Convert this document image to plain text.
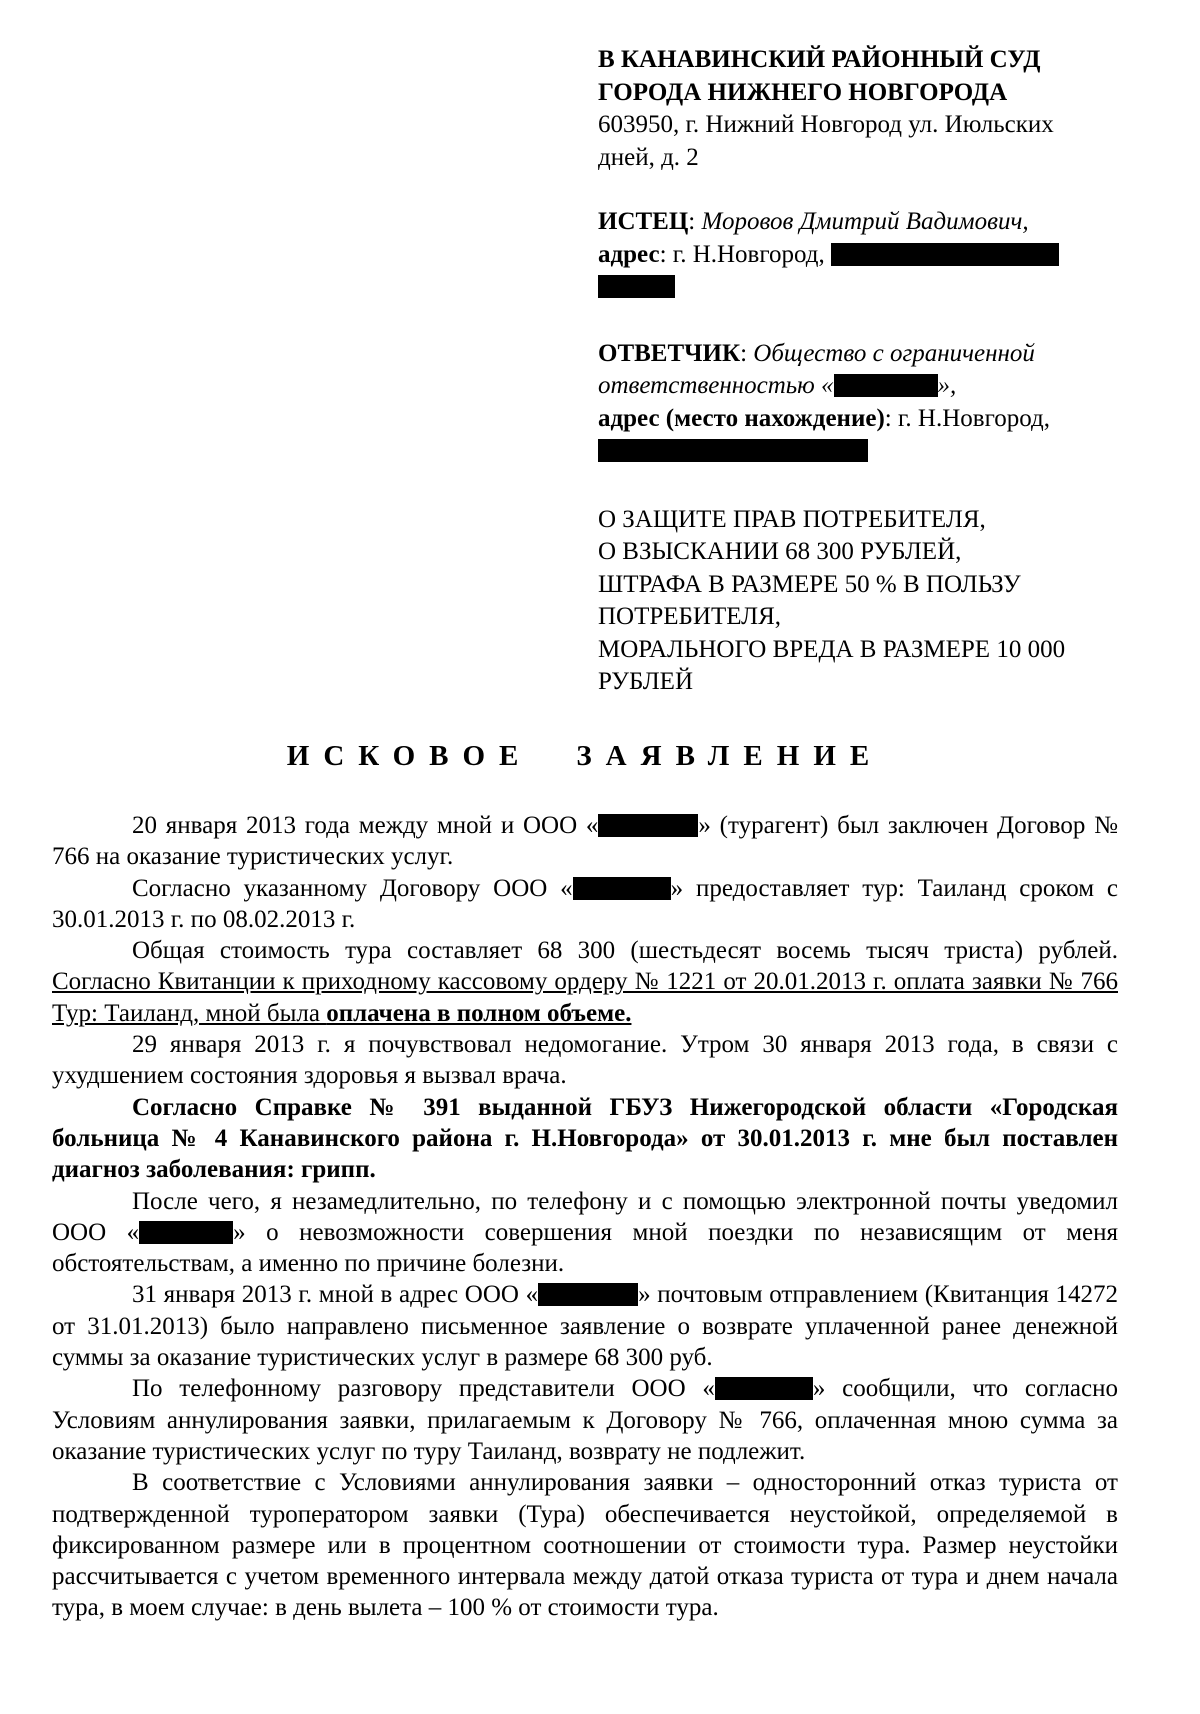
В КАНАВИНСКИЙ РАЙОННЫЙ СУД

ГОРОДА НИЖНЕГО НОВГОРОДА

603950, г. Нижний Новгород ул. Июльских

дней, д. 2

ИСТЕЦ: Моровов Дмитрий Вадимович,

адрес: г. Н.Новгород,

ОТВЕТЧИК: Общество с ограниченной

ответственностью «	»,

адрес (место нахождение): г. Н.Новгород,

О ЗАЩИТЕ ПРАВ ПОТРЕБИТЕЛЯ,

О ВЗЫСКАНИИ 68 300 РУБЛЕЙ,

ШТРАФА В РАЗМЕРЕ 50 % В ПОЛЬЗУ

ПОТРЕБИТЕЛЯ,

МОРАЛЬНОГО ВРЕДА В РАЗМЕРЕ 10 000

РУБЛЕЙ

ИСКОВОЕ ЗАЯВЛЕНИЕ

20 января 2013 года между мной и ООО «	» (турагент) был заключен Договор № 766 на оказание туристических услуг.

Согласно указанному Договору ООО «	» предоставляет тур: Таиланд сроком с 30.01.2013 г. по 08.02.2013 г.

Общая стоимость тура составляет 68 300 (шестьдесят восемь тысяч триста) рублей. Согласно Квитанции к приходному кассовому ордеру № 1221 от 20.01.2013 г. оплата заявки № 766 Тур: Таиланд, мной была оплачена в полном объеме.

29 января 2013 г. я почувствовал недомогание. Утром 30 января 2013 года, в связи с ухудшением состояния здоровья я вызвал врача.

Согласно Справке № 391 выданной ГБУЗ Нижегородской области «Городская больница № 4 Канавинского района г. Н.Новгорода» от 30.01.2013 г. мне был поставлен диагноз заболевания: грипп.

После чего, я незамедлительно, по телефону и с помощью электронной почты уведомил ООО «	» о невозможности совершения мной поездки по независящим от меня обстоятельствам, а именно по причине болезни.

31 января 2013 г. мной в адрес ООО «	» почтовым отправлением (Квитанция 14272 от 31.01.2013) было направлено письменное заявление о возврате уплаченной ранее денежной суммы за оказание туристических услуг в размере 68 300 руб.

По телефонному разговору представители ООО «	» сообщили, что согласно Условиям аннулирования заявки, прилагаемым к Договору № 766, оплаченная мною сумма за оказание туристических услуг по туру Таиланд, возврату не подлежит.

В соответствие с Условиями аннулирования заявки – односторонний отказ туриста от подтвержденной туроператором заявки (Тура) обеспечивается неустойкой, определяемой в фиксированном размере или в процентном соотношении от стоимости тура. Размер неустойки рассчитывается с учетом временного интервала между датой отказа туриста от тура и днем начала тура, в моем случае: в день вылета – 100 % от стоимости тура.
